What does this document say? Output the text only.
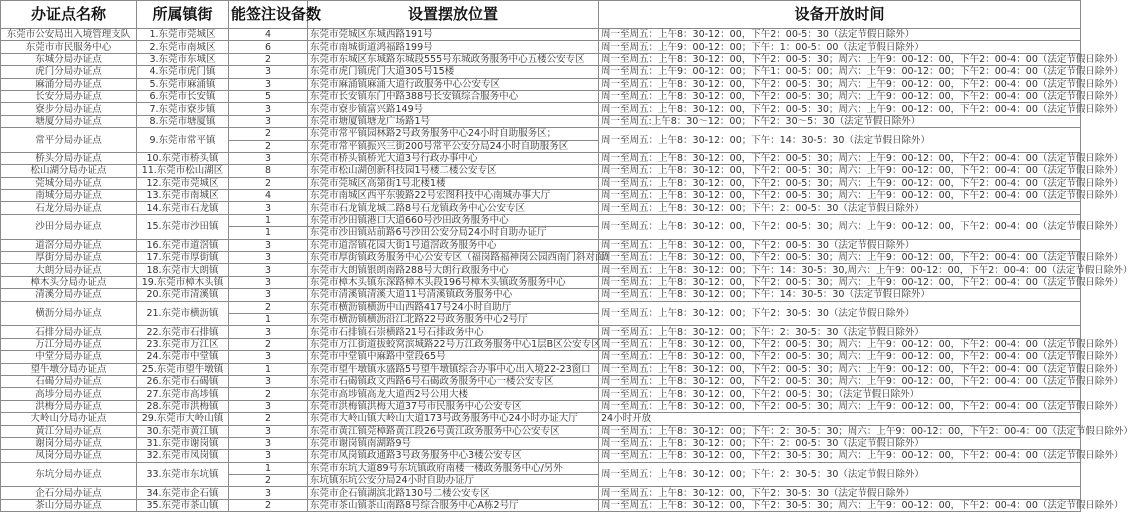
办证点名称	所属镇街	能签注设备数	设置摆放位置	设备开放时间
东莞市公安局出入境管理支队	1.东莞市莞城区	4	东莞市莞城区东城西路191号	周一至周五：上午8：30-12：00，下午2：00-5：30（法定节假日除外）
东莞市市民服务中心	2.东莞市南城区	6	东莞市南城街道鸿福路199号	周一至周五：上午9：00-12：00；下午：1：00-5：00（法定节假日除外）
东城分局办证点	3.东莞市东城区	2	东莞市东城区东城路东城段555号东城政务服务中心五楼公安专区	周一至周五：上午8：30-12：00，下午2：00-5：30；周六：上午9：00-12：00，下午2：00-4：00（法定节假日除外）
虎门分局办证点	4.东莞市虎门镇	3	东莞市虎门镇虎门大道305号15楼	周一至周五：上午9：00-12：00；下午1：00-5：00；周六：上午9：00-12：00；下午2：00-4：00（法定节假日除外）
麻涌分局办证点	5.东莞市麻涌镇	3	东莞市麻涌镇麻涌大道行政服务中心公安专区	周一至周五：上午8：30-12：00，下午2：00-5：30；周六：上午9：00-12：00，下午2：00-4：00（法定节假日除外）
长安分局办证点	6.东莞市长安镇	5	东莞市长安镇东门中路388号长安镇综合服务中心	周一至周五：上午8：30-12：00，下午2：00-5：30；周六：上午9：00-12：00，下午2：00-4：00（法定节假日除外）
寮步分局办证点	7.东莞市寮步镇	3	东莞市寮步镇富兴路149号	周一至周五：上午8：30-12：00，下午2：00-5：30；周六：上午9：00-12：00，下午2：00-4：00（法定节假日除外）
塘厦分局办证点	8.东莞市塘厦镇	3	东莞市塘厦镇塘龙广场路1号	周一至周五:上午8：30～12：00；下午2：30～5：30（法定节假日除外）
常平分局办证点	9.东莞市常平镇	2	东莞市常平镇园林路2号政务服务中心24小时自助服务区；	周一至周五：上午8：30-12：00；下午：14：30-5：30（法定节假日除外）
		2	东莞市常平镇振兴三街200号常平公安分局24小时自助服务区	
桥头分局办证点	10.东莞市桥头镇	3	东莞市桥头镇桥光大道3号行政办事中心	周一至周五：上午8：30-12：00，下午2：00-5：30；周六：上午9：00-12：00，下午2：00-4：00（法定节假日除外）
松山湖分局办证点	11.东莞市松山湖区	8	东莞市松山湖创新科技园1号楼二楼公安专区	周一至周五：上午8：30-12：00，下午2：00-5：30；周六：上午9：00-12：00，下午2：00-4：00（法定节假日除外）
莞城分局办证点	12.东莞市莞城区	2	东莞市莞城区高第街1号北楼1楼	周一至周五：上午8：30-12：00，下午2：00-5：30；周六：上午9：00-12：00，下午2：00-4：00（法定节假日除外）
南城分局办证点	13.东莞市南城区	4	东莞市南城区西平东骏路22号宏图科技中心南城办事大厅	周一至周五：上午8：30-12：00，下午2：00-5：30；周六：上午9：00-12：00，下午2：00-4：00（法定节假日除外）
石龙分局办证点	14.东莞市石龙镇	3	东莞市石龙镇龙城二路8号石龙镇政务中心公安专区	周一至周五：上午8：30-12：00；下午：2：00-5：30（法定节假日除外）
沙田分局办证点	15.东莞市沙田镇	1	东莞市沙田镇港口大道660号沙田政务服务中心	周一至周五：上午8：30-12：00，下午2：00-5：30；周六：上午9：00-12：00，下午2：00-4：00（法定节假日除外）
		1	东莞市沙田镇站前路6号沙田公安分局24小时自助办证厅	
道滘分局办证点	16.东莞市道滘镇	3	东莞市道滘镇花园大街1号道滘政务服务中心	周一至周五：上午8：30-12：00，下午2：00-5：30（法定节假日除外）
厚街分局办证点	17.东莞市厚街镇	3	东莞市厚街镇政务服务中心公安专区（福岗路福神岗公园西南门斜对面）	周一至周五：上午8：30-12：00，下午2：00-5：30；周六：上午9：00-12：00，下午2：00-4：00（法定节假日除外）
大朗分局办证点	18.东莞市大朗镇	3	东莞市大朗镇银朗南路288号大朗行政服务中心	周一至周五：上午8：30-12：00；下午：14：30-5：30,周六：上午9：00-12：00，下午2：00-4：00（法定节假日除外）
樟木头分局办证点	19.东莞市樟木头镇	3	东莞市樟木头镇东深路樟木头段196号樟木头镇政务服务中心	周一至周五：上午8：30-12：00，下午2：00-5：30；周六：上午9：00-12：00，下午2：00-4：00（法定节假日除外）
清溪分局办证点	20.东莞市清溪镇	3	东莞市清溪镇清溪大道11号清溪镇政务服务中心	周一至周五：上午8：30-12：00；下午：14：30-5：30（法定节假日除外）
横沥分局办证点	21.东莞市横沥镇	2	东莞市横沥镇横沥中山西路417号24小时自助厅	周一至周五：上午8：30-12：00；下午2：30-5：30（法定节假日除外）
		1	东莞市横沥镇横沥沿江北路22号政务服务中心2号厅	
石排分局办证点	22.东莞市石排镇	3	东莞市石排镇石崇横路21号石排政务中心	周一至周五：上午8：30-12：00；下午：2：30-5：30（法定节假日除外）
万江分局办证点	23.东莞市万江区	2	东莞市万江街道拔蛟窝滨城路22号万江政务服务中心1层B区公安专区	周一至周五：上午8：30-12：00，下午2：00-5：30；周六：上午9：00-12：00，下午2：00-4：00（法定节假日除外）
中堂分局办证点	24.东莞市中堂镇	3	东莞市中堂镇中麻路中堂段65号	周一至周五：上午8：30-12：00，下午2：00-5：30；周六：上午9：00-12：00，下午2：00-4：00（法定节假日除外）
望牛墩分局办证点	25.东莞市望牛墩镇	1	东莞市望牛墩镇永盛路5号望牛墩镇综合办事中心出入境22-23窗口	周一至周五：上午8：30-12：00，下午2：00-5：30；周六：上午9：00-12：00，下午2：00-4：00（法定节假日除外）
石碣分局办证点	26.东莞市石碣镇	3	东莞市石碣镇政文西路6号石碣政务服务中心一楼公安专区	周一至周五：上午8：30-12：00，下午2：00-5：30；周六：上午9：00-12：00，下午2：00-4：00（法定节假日除外）
高埗分局办证点	27.东莞市高埗镇	2	东莞市高埗镇高龙大道西2号公用大楼	周一至周五：上午8：30-12：00，下午2：00-5：30；（法定节假日除外）
洪梅分局办证点	28.东莞市洪梅镇	3	东莞市洪梅镇洪梅大道37号市民服务中心公安专区	周一至周五：上午8：30-12：00，下午2：00-5：30；周六：上午9：00-12：00，下午2：00-4：00（法定节假日除外）
大岭山分局办证点	29.东莞市大岭山镇	2	东莞市大岭山镇大岭山大道173号政务服务中心24小时办证大厅	24小时开放
黄江分局办证点	30.东莞市黄江镇	3	东莞市黄江镇莞樟路黄江段26号黄江政务服务中心公安专区	周一至周五：上午8：30-12：00；下午：2：30-5：30；周六：上午9：00-12：00，下午2：00-4：00（法定节假日除外）
谢岗分局办证点	31.东莞市谢岗镇	3	东莞市谢岗镇南湖路9号	周一至周五：上午8：30-12：00；下午：2：00-5：30（法定节假日除外）
凤岗分局办证点	32.东莞市凤岗镇	3	东莞市凤岗镇政通路3号政务服务中心3楼公安专区	周一至周五：上午8：30-12：00，下午2：30-5：30；周六：上午9：00-12：00，下午2：00-4：00（法定节假日除外）
东坑分局办证点	33.东莞市东坑镇	1	东莞市东坑大道89号东坑镇政府南楼一楼政务服务中心/另外	周一至周五：上午8：30-12：00；下午：2：30-5：30（法定节假日除外）
		2	东坑镇东坑公安分局24小时自助办证厅	
企石分局办证点	34.东莞市企石镇	3	东莞市企石镇湖滨北路130号二楼公安专区	周一至周五：上午8：30-12：00，下午2：30-5：30（法定节假日除外）
茶山分局办证点	35.东莞市茶山镇	2	东莞市茶山镇茶山南路8号综合服务中心A栋2号厅	周一至周五：上午8：30-12：00，下午2：30-5：30；周六：上午9：00-12：00，下午2：00-4：00（法定节假日除外）
